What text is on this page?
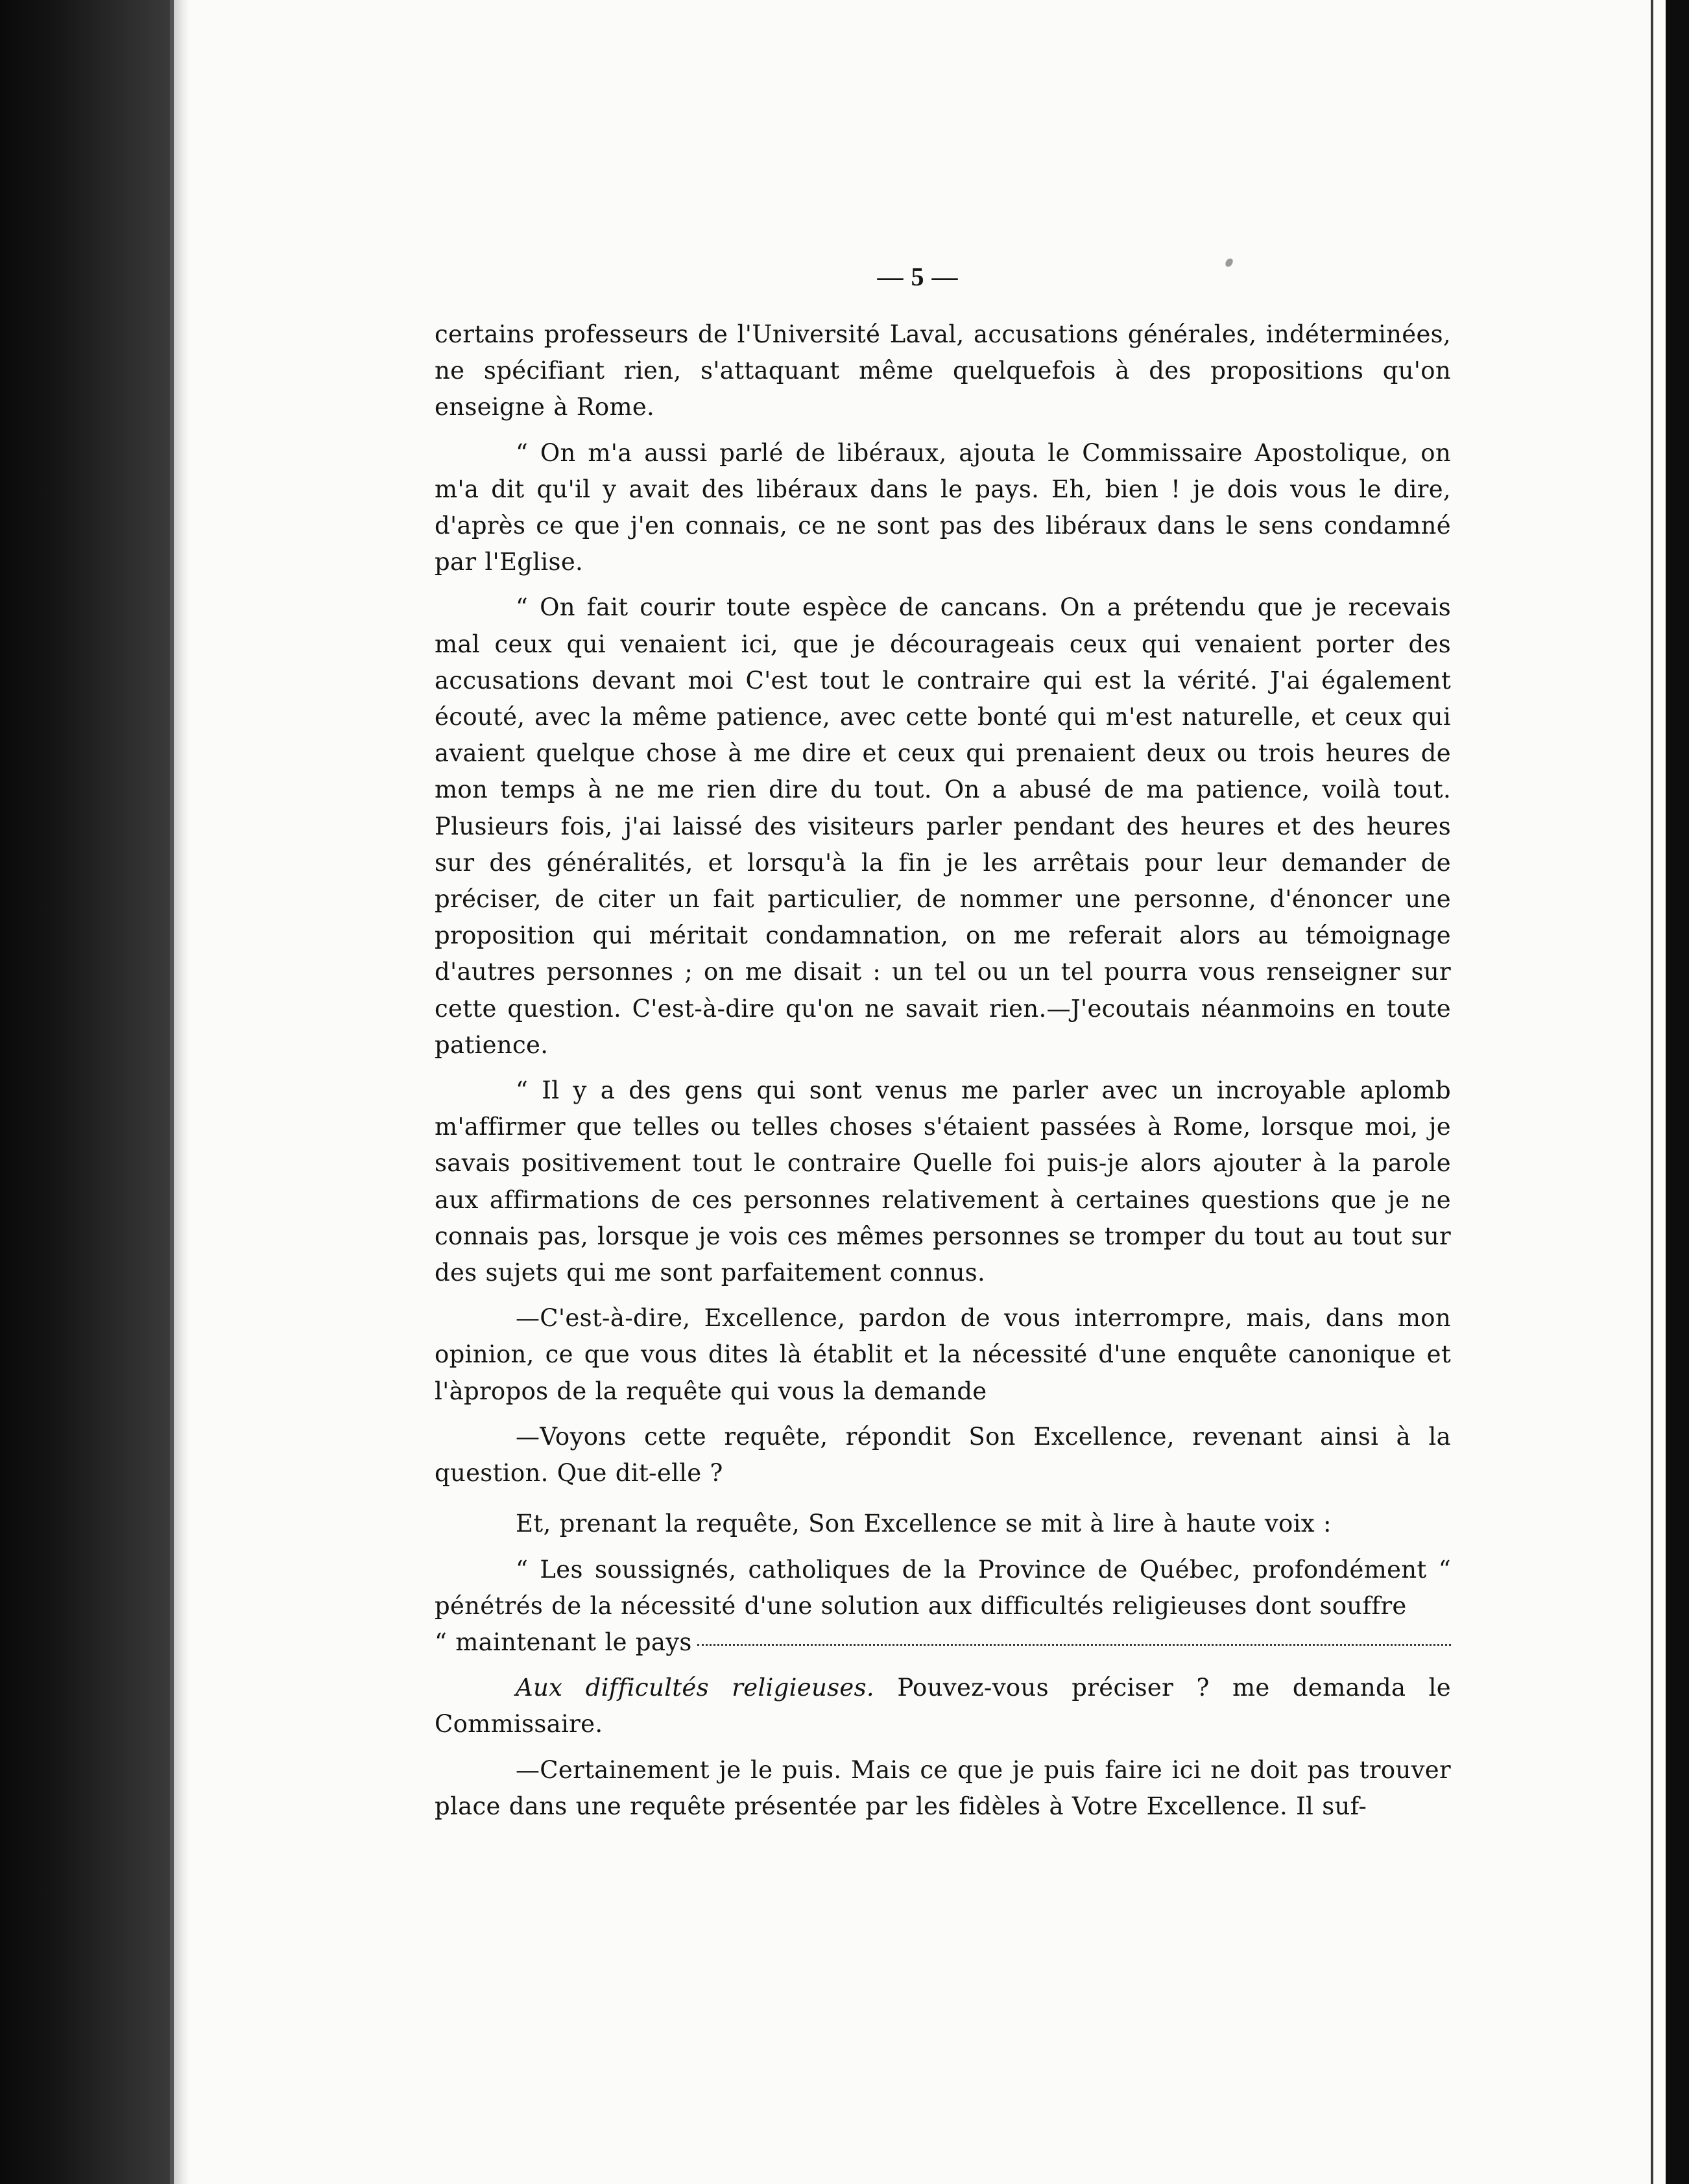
— 5 —

certains professeurs de l'Université Laval, accusations générales, indéterminées, ne spécifiant rien, s'attaquant même quelquefois à des propositions qu'on enseigne à Rome.

“ On m'a aussi parlé de libéraux, ajouta le Commissaire Apostolique, on m'a dit qu'il y avait des libéraux dans le pays. Eh, bien ! je dois vous le dire, d'après ce que j'en connais, ce ne sont pas des libéraux dans le sens condamné par l'Eglise.

“ On fait courir toute espèce de cancans. On a prétendu que je recevais mal ceux qui venaient ici, que je décourageais ceux qui venaient porter des accusations devant moi C'est tout le contraire qui est la vérité. J'ai également écouté, avec la même patience, avec cette bonté qui m'est naturelle, et ceux qui avaient quelque chose à me dire et ceux qui prenaient deux ou trois heures de mon temps à ne me rien dire du tout. On a abusé de ma patience, voilà tout. Plusieurs fois, j'ai laissé des visiteurs parler pendant des heures et des heures sur des généralités, et lorsqu'à la fin je les arrêtais pour leur demander de préciser, de citer un fait particulier, de nommer une personne, d'énoncer une proposition qui méritait condamnation, on me referait alors au témoignage d'autres personnes ; on me disait : un tel ou un tel pourra vous renseigner sur cette question. C'est-à-dire qu'on ne savait rien.—J'ecoutais néanmoins en toute patience.

“ Il y a des gens qui sont venus me parler avec un incroyable aplomb m'affirmer que telles ou telles choses s'étaient passées à Rome, lorsque moi, je savais positivement tout le contraire Quelle foi puis-je alors ajouter à la parole aux affirmations de ces personnes relativement à certaines questions que je ne connais pas, lorsque je vois ces mêmes personnes se tromper du tout au tout sur des sujets qui me sont parfaitement connus.

—C'est-à-dire, Excellence, pardon de vous interrompre, mais, dans mon opinion, ce que vous dites là établit et la nécessité d'une enquête canonique et l'àpropos de la requête qui vous la demande

—Voyons cette requête, répondit Son Excellence, revenant ainsi à la question. Que dit-elle ?

Et, prenant la requête, Son Excellence se mit à lire à haute voix :

“ Les soussignés, catholiques de la Province de Québec, profondément “ pénétrés de la nécessité d'une solution aux difficultés religieuses dont souffre

“ maintenant le pays

Aux difficultés religieuses. Pouvez-vous préciser ? me demanda le Commissaire.

—Certainement je le puis. Mais ce que je puis faire ici ne doit pas trouver place dans une requête présentée par les fidèles à Votre Excellence. Il suf-
